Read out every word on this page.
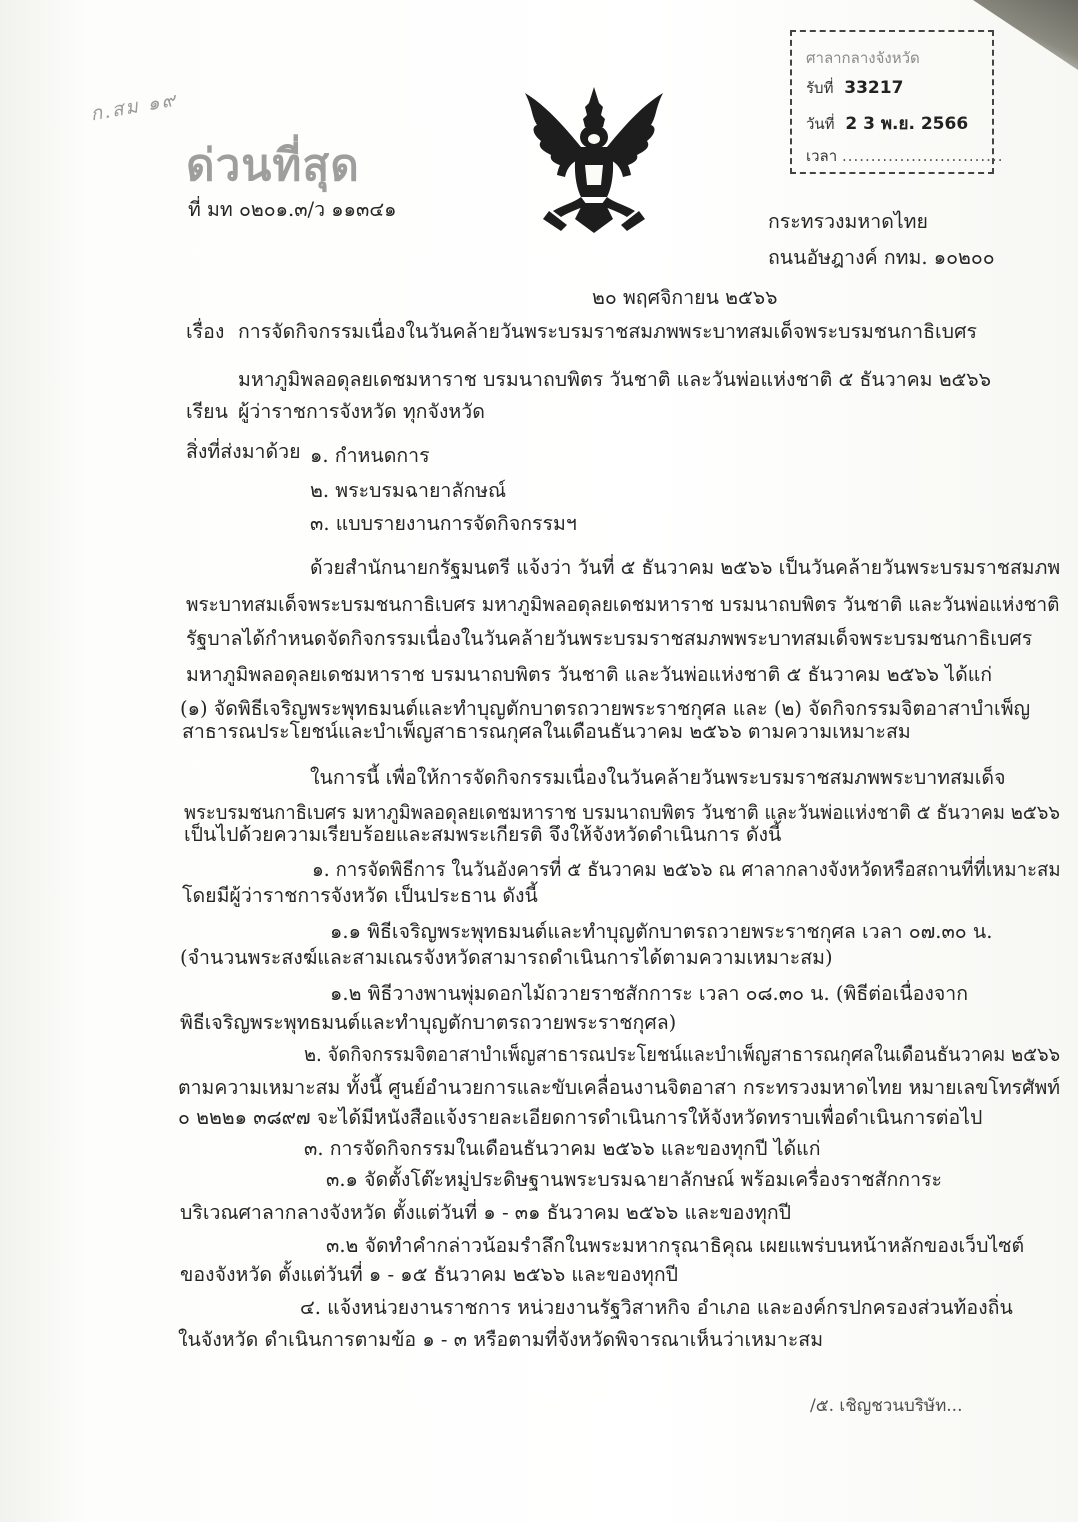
ก.สม ๑๙
ด่วนที่สุด
ศาลากลางจังหวัด
รับที่ 33217
วันที่ 2 3 พ.ย. 2566
เวลา ............................
ที่ มท ๐๒๐๑.๓/ว ๑๑๓๔๑
กระทรวงมหาดไทย
ถนนอัษฎางค์ กทม. ๑๐๒๐๐
๒๐ พฤศจิกายน ๒๕๖๖
เรื่อง การจัดกิจกรรมเนื่องในวันคล้ายวันพระบรมราชสมภพพระบาทสมเด็จพระบรมชนกาธิเบศร
มหาภูมิพลอดุลยเดชมหาราช บรมนาถบพิตร วันชาติ และวันพ่อแห่งชาติ ๕ ธันวาคม ๒๕๖๖
เรียน ผู้ว่าราชการจังหวัด ทุกจังหวัด
สิ่งที่ส่งมาด้วย ๑. กำหนดการ
๒. พระบรมฉายาลักษณ์
๓. แบบรายงานการจัดกิจกรรมฯ
ด้วยสำนักนายกรัฐมนตรี แจ้งว่า วันที่ ๕ ธันวาคม ๒๕๖๖ เป็นวันคล้ายวันพระบรมราชสมภพ
พระบาทสมเด็จพระบรมชนกาธิเบศร มหาภูมิพลอดุลยเดชมหาราช บรมนาถบพิตร วันชาติ และวันพ่อแห่งชาติ
รัฐบาลได้กำหนดจัดกิจกรรมเนื่องในวันคล้ายวันพระบรมราชสมภพพระบาทสมเด็จพระบรมชนกาธิเบศร
มหาภูมิพลอดุลยเดชมหาราช บรมนาถบพิตร วันชาติ และวันพ่อแห่งชาติ ๕ ธันวาคม ๒๕๖๖ ได้แก่
(๑) จัดพิธีเจริญพระพุทธมนต์และทำบุญตักบาตรถวายพระราชกุศล และ (๒) จัดกิจกรรมจิตอาสาบำเพ็ญ
สาธารณประโยชน์และบำเพ็ญสาธารณกุศลในเดือนธันวาคม ๒๕๖๖ ตามความเหมาะสม
ในการนี้ เพื่อให้การจัดกิจกรรมเนื่องในวันคล้ายวันพระบรมราชสมภพพระบาทสมเด็จ
พระบรมชนกาธิเบศร มหาภูมิพลอดุลยเดชมหาราช บรมนาถบพิตร วันชาติ และวันพ่อแห่งชาติ ๕ ธันวาคม ๒๕๖๖
เป็นไปด้วยความเรียบร้อยและสมพระเกียรติ จึงให้จังหวัดดำเนินการ ดังนี้
๑. การจัดพิธีการ ในวันอังคารที่ ๕ ธันวาคม ๒๕๖๖ ณ ศาลากลางจังหวัดหรือสถานที่ที่เหมาะสม
โดยมีผู้ว่าราชการจังหวัด เป็นประธาน ดังนี้
๑.๑ พิธีเจริญพระพุทธมนต์และทำบุญตักบาตรถวายพระราชกุศล เวลา ๐๗.๓๐ น.
(จำนวนพระสงฆ์และสามเณรจังหวัดสามารถดำเนินการได้ตามความเหมาะสม)
๑.๒ พิธีวางพานพุ่มดอกไม้ถวายราชสักการะ เวลา ๐๘.๓๐ น. (พิธีต่อเนื่องจาก
พิธีเจริญพระพุทธมนต์และทำบุญตักบาตรถวายพระราชกุศล)
๒. จัดกิจกรรมจิตอาสาบำเพ็ญสาธารณประโยชน์และบำเพ็ญสาธารณกุศลในเดือนธันวาคม ๒๕๖๖
ตามความเหมาะสม ทั้งนี้ ศูนย์อำนวยการและขับเคลื่อนงานจิตอาสา กระทรวงมหาดไทย หมายเลขโทรศัพท์
๐ ๒๒๒๑ ๓๘๙๗ จะได้มีหนังสือแจ้งรายละเอียดการดำเนินการให้จังหวัดทราบเพื่อดำเนินการต่อไป
๓. การจัดกิจกรรมในเดือนธันวาคม ๒๕๖๖ และของทุกปี ได้แก่
๓.๑ จัดตั้งโต๊ะหมู่ประดิษฐานพระบรมฉายาลักษณ์ พร้อมเครื่องราชสักการะ
บริเวณศาลากลางจังหวัด ตั้งแต่วันที่ ๑ - ๓๑ ธันวาคม ๒๕๖๖ และของทุกปี
๓.๒ จัดทำคำกล่าวน้อมรำลึกในพระมหากรุณาธิคุณ เผยแพร่บนหน้าหลักของเว็บไซต์
ของจังหวัด ตั้งแต่วันที่ ๑ - ๑๕ ธันวาคม ๒๕๖๖ และของทุกปี
๔. แจ้งหน่วยงานราชการ หน่วยงานรัฐวิสาหกิจ อำเภอ และองค์กรปกครองส่วนท้องถิ่น
ในจังหวัด ดำเนินการตามข้อ ๑ - ๓ หรือตามที่จังหวัดพิจารณาเห็นว่าเหมาะสม
/๕. เชิญชวนบริษัท...
